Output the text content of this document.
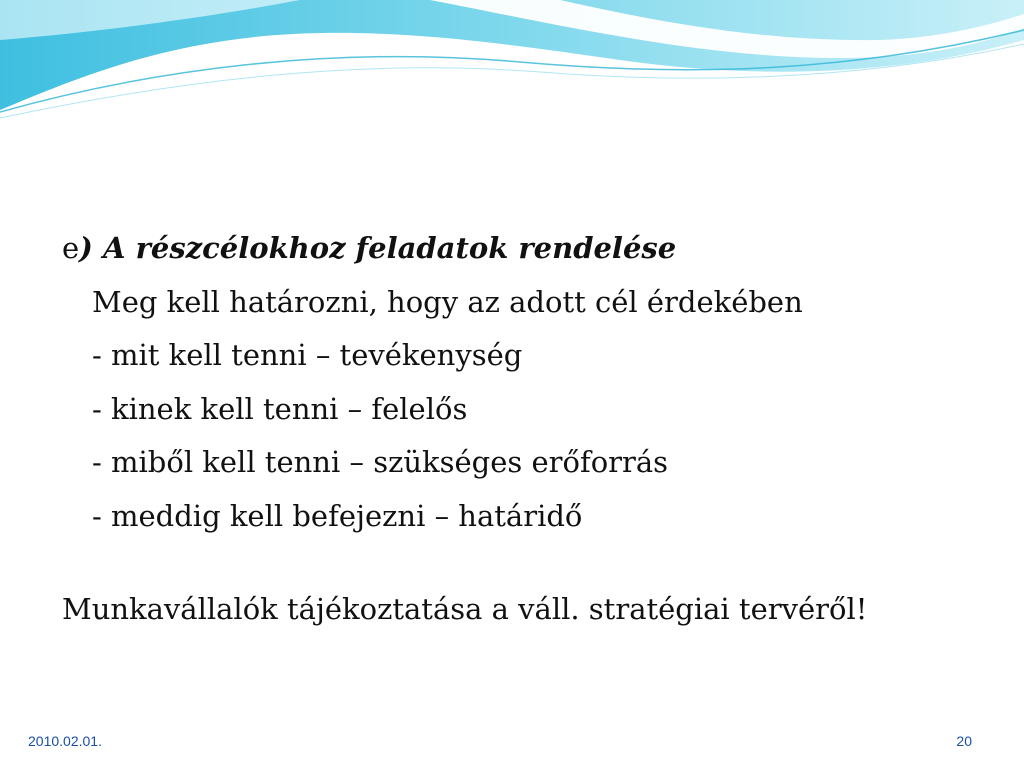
e) A részcélokhoz feladatok rendelése
Meg kell határozni, hogy az adott cél érdekében
- mit kell tenni – tevékenység
- kinek kell tenni – felelős
- miből kell tenni – szükséges erőforrás
- meddig kell befejezni – határidő
Munkavállalók tájékoztatása a váll. stratégiai tervéről!
2010.02.01.	20
